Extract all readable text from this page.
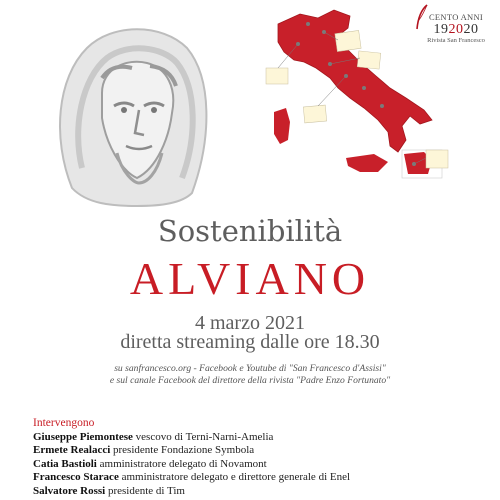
CENTO ANNI
192020
Rivista San Francesco
Sostenibilità
ALVIANO
4 marzo 2021
diretta streaming dalle ore 18.30
su sanfrancesco.org - Facebook e Youtube di "San Francesco d'Assisi"
e sul canale Facebook del direttore della rivista "Padre Enzo Fortunato"
Intervengono
Giuseppe Piemontese vescovo di Terni-Narni-Amelia
Ermete Realacci presidente Fondazione Symbola
Catia Bastioli amministratore delegato di Novamont
Francesco Starace amministratore delegato e direttore generale di Enel
Salvatore Rossi presidente di Tim
